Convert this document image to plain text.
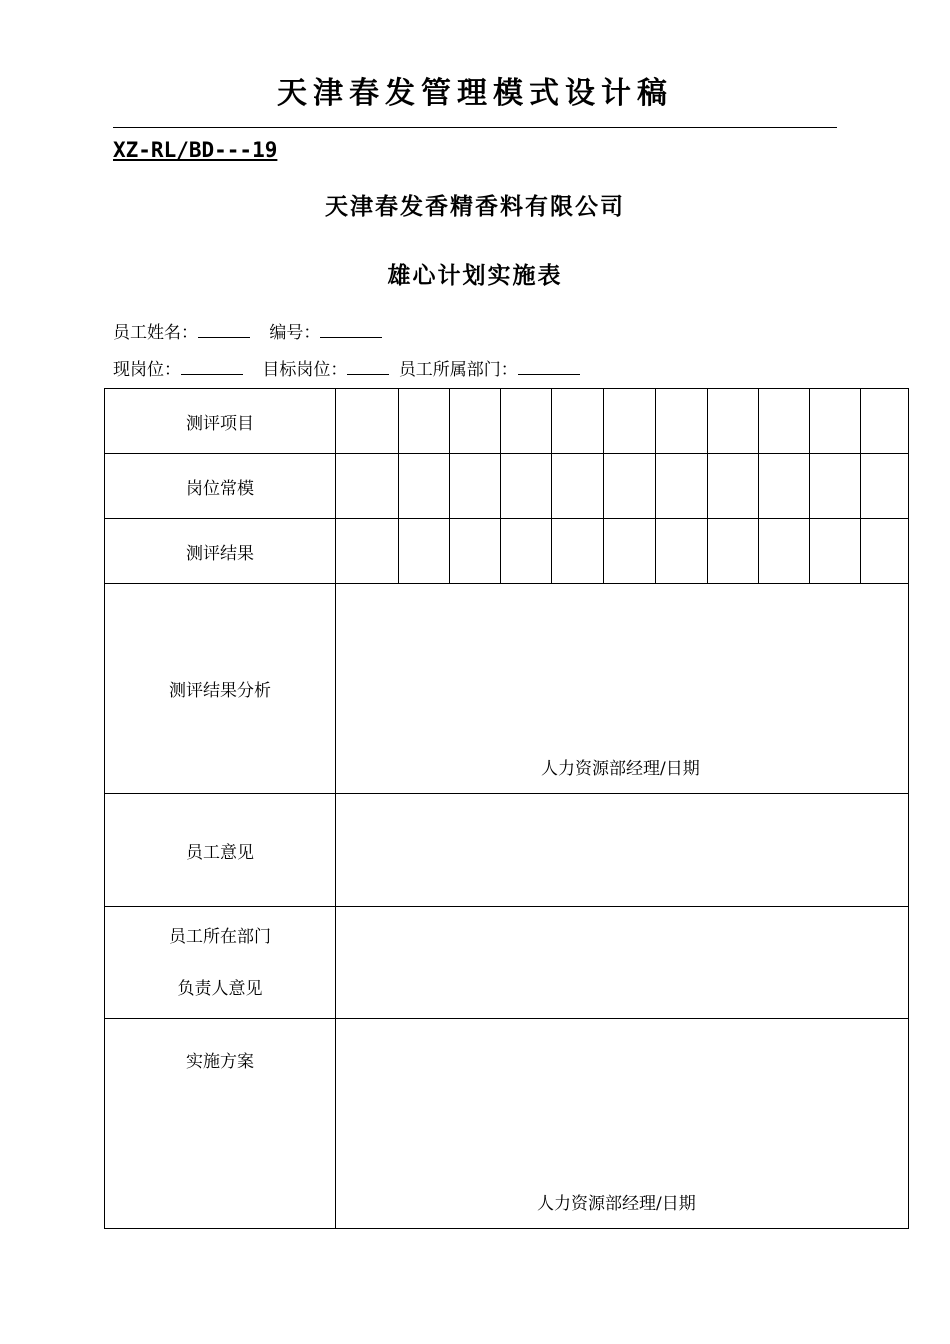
天津春发管理模式设计稿
XZ-RL/BD---19
天津春发香精香料有限公司
雄心计划实施表
员工姓名：	编号：
现岗位：	目标岗位：	员工所属部门：
测评项目											
岗位常模											
测评结果											
测评结果分析	人力资源部经理/日期										

员工意见											

员工所在部门
负责人意见											

实施方案	人力资源部经理/日期										
